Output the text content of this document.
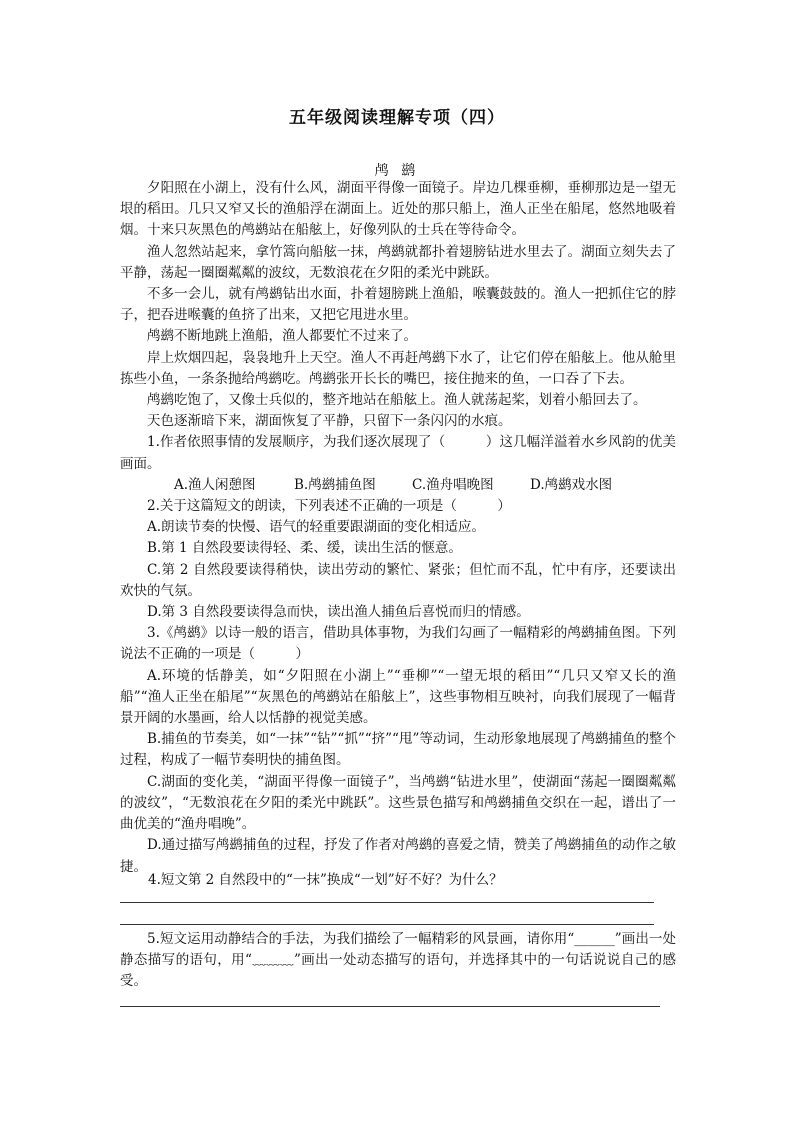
五年级阅读理解专项（四）
鸬 鹚

夕阳照在小湖上，没有什么风，湖面平得像一面镜子。岸边几棵垂柳，垂柳那边是一望无垠的稻田。几只又窄又长的渔船浮在湖面上。近处的那只船上，渔人正坐在船尾，悠然地吸着烟。十来只灰黑色的鸬鹚站在船舷上，好像列队的士兵在等待命令。

渔人忽然站起来，拿竹篙向船舷一抹，鸬鹚就都扑着翅膀钻进水里去了。湖面立刻失去了平静，荡起一圈圈粼粼的波纹，无数浪花在夕阳的柔光中跳跃。

不多一会儿，就有鸬鹚钻出水面，扑着翅膀跳上渔船，喉囊鼓鼓的。渔人一把抓住它的脖子，把吞进喉囊的鱼挤了出来，又把它甩进水里。

鸬鹚不断地跳上渔船，渔人都要忙不过来了。

岸上炊烟四起，袅袅地升上天空。渔人不再赶鸬鹚下水了，让它们停在船舷上。他从舱里拣些小鱼，一条条抛给鸬鹚吃。鸬鹚张开长长的嘴巴，接住抛来的鱼，一口吞了下去。

鸬鹚吃饱了，又像士兵似的，整齐地站在船舷上。渔人就荡起桨，划着小船回去了。

天色逐渐暗下来，湖面恢复了平静，只留下一条闪闪的水痕。

1.作者依照事情的发展顺序，为我们逐次展现了（　　　）这几幅洋溢着水乡风韵的优美画面。

A.渔人闲憩图	B.鸬鹚捕鱼图	C.渔舟唱晚图	D.鸬鹚戏水图

2.关于这篇短文的朗读，下列表述不正确的一项是（　　　）

A.朗读节奏的快慢、语气的轻重要跟湖面的变化相适应。

B.第 1 自然段要读得轻、柔、缓，读出生活的惬意。

C.第 2 自然段要读得稍快，读出劳动的繁忙、紧张；但忙而不乱，忙中有序，还要读出欢快的气氛。

D.第 3 自然段要读得急而快，读出渔人捕鱼后喜悦而归的情感。

3.《鸬鹚》以诗一般的语言，借助具体事物，为我们勾画了一幅精彩的鸬鹚捕鱼图。下列说法不正确的一项是（　　　）

A.环境的恬静美，如“夕阳照在小湖上”“垂柳”“一望无垠的稻田”“几只又窄又长的渔船”“渔人正坐在船尾”“灰黑色的鸬鹚站在船舷上”，这些事物相互映衬，向我们展现了一幅背景开阔的水墨画，给人以恬静的视觉美感。

B.捕鱼的节奏美，如“一抹”“钻”“抓”“挤”“甩”等动词，生动形象地展现了鸬鹚捕鱼的整个过程，构成了一幅节奏明快的捕鱼图。

C.湖面的变化美，“湖面平得像一面镜子”，当鸬鹚“钻进水里”，使湖面“荡起一圈圈粼粼的波纹”，“无数浪花在夕阳的柔光中跳跃”。这些景色描写和鸬鹚捕鱼交织在一起，谱出了一曲优美的“渔舟唱晚”。

D.通过描写鸬鹚捕鱼的过程，抒发了作者对鸬鹚的喜爱之情，赞美了鸬鹚捕鱼的动作之敏捷。

4.短文第 2 自然段中的“一抹”换成“一划”好不好？为什么？

5.短文运用动静结合的手法，为我们描绘了一幅精彩的风景画，请你用“______”画出一处静态描写的语句，用“﹏﹏﹏”画出一处动态描写的语句，并选择其中的一句话说说自己的感受。
